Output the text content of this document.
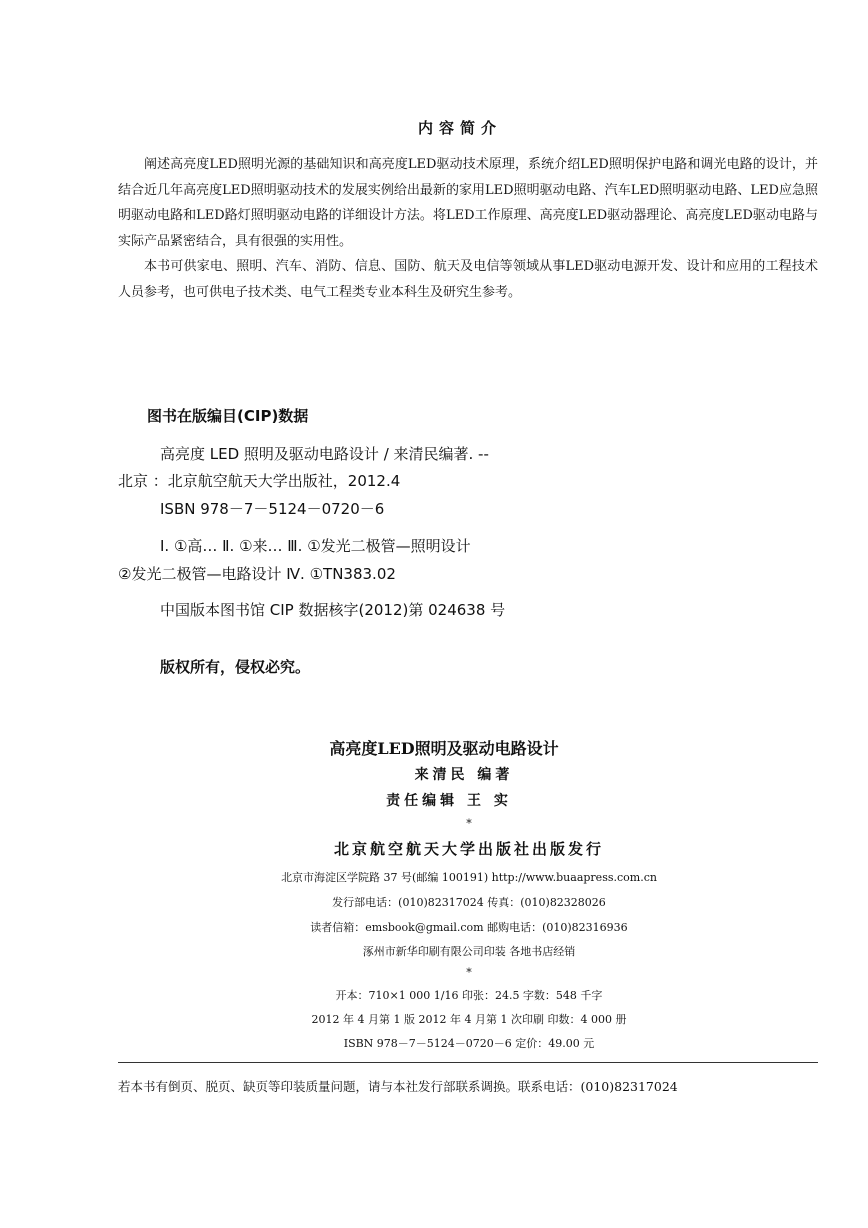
内容简介

阐述高亮度LED照明光源的基础知识和高亮度LED驱动技术原理，系统介绍LED照明保护电路和调光电路的设计，并结合近几年高亮度LED照明驱动技术的发展实例给出最新的家用LED照明驱动电路、汽车LED照明驱动电路、LED应急照明驱动电路和LED路灯照明驱动电路的详细设计方法。将LED工作原理、高亮度LED驱动器理论、高亮度LED驱动电路与实际产品紧密结合，具有很强的实用性。

本书可供家电、照明、汽车、消防、信息、国防、航天及电信等领域从事LED驱动电源开发、设计和应用的工程技术人员参考，也可供电子技术类、电气工程类专业本科生及研究生参考。

图书在版编目(CIP)数据
高亮度 LED 照明及驱动电路设计 / 来清民编著. --
北京 ：北京航空航天大学出版社，2012.4
ISBN 978－7－5124－0720－6
Ⅰ. ①高… Ⅱ. ①来… Ⅲ. ①发光二极管—照明设计
②发光二极管—电路设计 Ⅳ. ①TN383.02
中国版本图书馆 CIP 数据核字(2012)第 024638 号
版权所有，侵权必究。
高亮度LED照明及驱动电路设计
来清民 编著
责任编辑 王 实
*
北京航空航天大学出版社出版发行
北京市海淀区学院路 37 号(邮编 100191) http://www.buaapress.com.cn
发行部电话：(010)82317024 传真：(010)82328026
读者信箱：emsbook@gmail.com 邮购电话：(010)82316936
涿州市新华印刷有限公司印装 各地书店经销
*
开本：710×1 000 1/16 印张：24.5 字数：548 千字
2012 年 4 月第 1 版 2012 年 4 月第 1 次印刷 印数：4 000 册
ISBN 978－7－5124－0720－6 定价：49.00 元
若本书有倒页、脱页、缺页等印装质量问题，请与本社发行部联系调换。联系电话：(010)82317024
